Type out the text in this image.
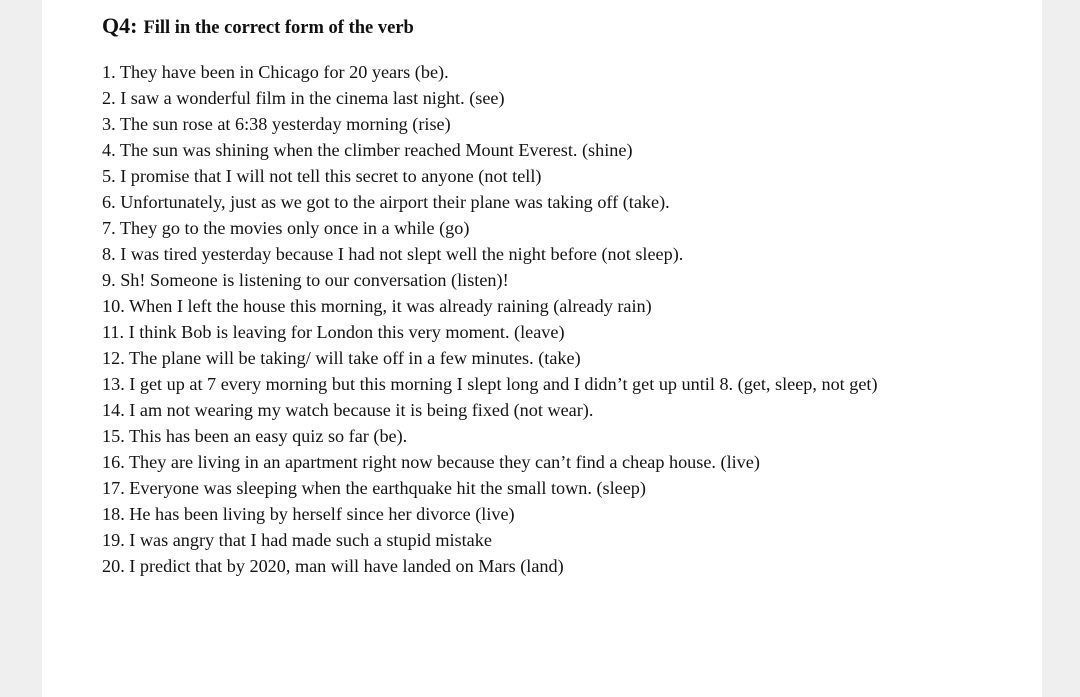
Q4: Fill in the correct form of the verb
1. They have been in Chicago for 20 years (be).
2. I saw a wonderful film in the cinema last night. (see)
3. The sun rose at 6:38 yesterday morning (rise)
4. The sun was shining when the climber reached Mount Everest. (shine)
5. I promise that I will not tell this secret to anyone (not tell)
6. Unfortunately, just as we got to the airport their plane was taking off (take).
7. They go to the movies only once in a while (go)
8. I was tired yesterday because I had not slept well the night before (not sleep).
9. Sh! Someone is listening to our conversation (listen)!
10. When I left the house this morning, it was already raining (already rain)
11. I think Bob is leaving for London this very moment. (leave)
12. The plane will be taking/ will take off in a few minutes. (take)
13. I get up at 7 every morning but this morning I slept long and I didn’t get up until 8. (get, sleep, not get)
14. I am not wearing my watch because it is being fixed (not wear).
15. This has been an easy quiz so far (be).
16. They are living in an apartment right now because they can’t find a cheap house. (live)
17. Everyone was sleeping when the earthquake hit the small town. (sleep)
18. He has been living by herself since her divorce (live)
19. I was angry that I had made such a stupid mistake
20. I predict that by 2020, man will have landed on Mars (land)
